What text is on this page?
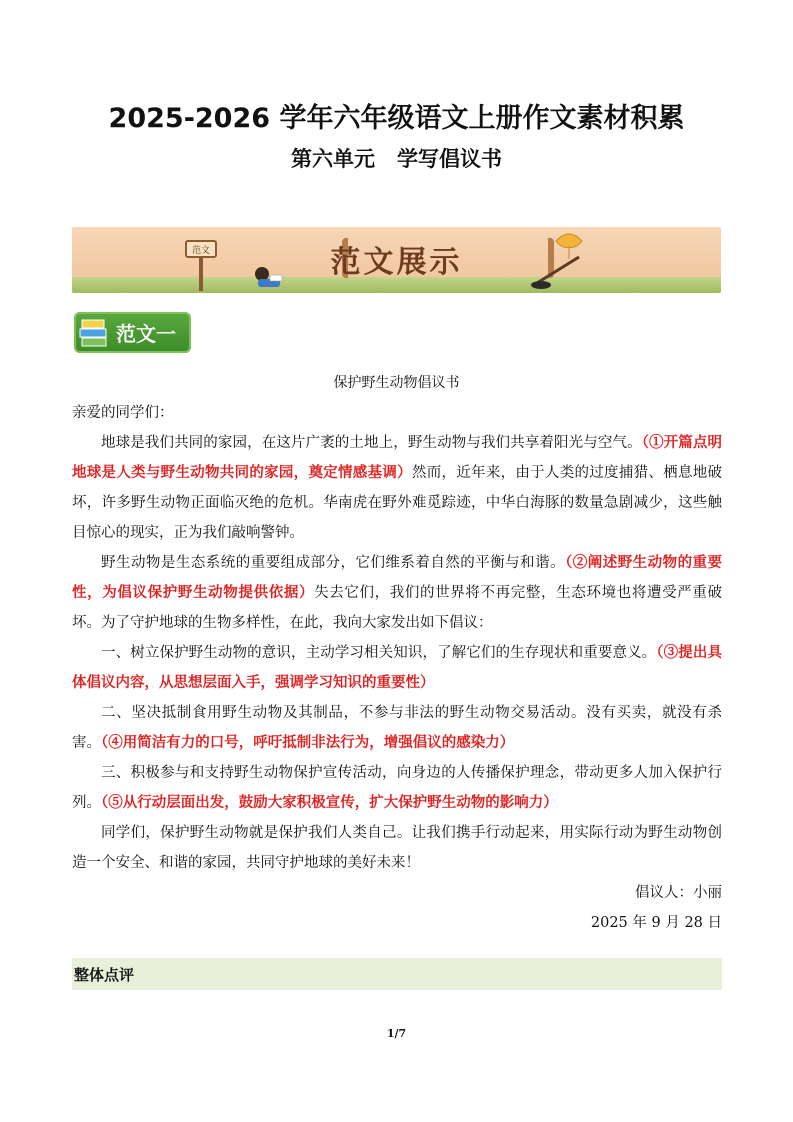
2025-2026 学年六年级语文上册作文素材积累
第六单元 学写倡议书
范文	范文展示
范文一
保护野生动物倡议书

亲爱的同学们：

地球是我们共同的家园，在这片广袤的土地上，野生动物与我们共享着阳光与空气。（①开篇点明地球是人类与野生动物共同的家园，奠定情感基调）然而，近年来，由于人类的过度捕猎、栖息地破坏，许多野生动物正面临灭绝的危机。华南虎在野外难觅踪迹，中华白海豚的数量急剧减少，这些触目惊心的现实，正为我们敲响警钟。

野生动物是生态系统的重要组成部分，它们维系着自然的平衡与和谐。（②阐述野生动物的重要性，为倡议保护野生动物提供依据）失去它们，我们的世界将不再完整，生态环境也将遭受严重破坏。为了守护地球的生物多样性，在此，我向大家发出如下倡议：

一、树立保护野生动物的意识，主动学习相关知识，了解它们的生存现状和重要意义。（③提出具体倡议内容，从思想层面入手，强调学习知识的重要性）

二、坚决抵制食用野生动物及其制品，不参与非法的野生动物交易活动。没有买卖，就没有杀害。（④用简洁有力的口号，呼吁抵制非法行为，增强倡议的感染力）

三、积极参与和支持野生动物保护宣传活动，向身边的人传播保护理念，带动更多人加入保护行列。（⑤从行动层面出发，鼓励大家积极宣传，扩大保护野生动物的影响力）

同学们，保护野生动物就是保护我们人类自己。让我们携手行动起来，用实际行动为野生动物创造一个安全、和谐的家园，共同守护地球的美好未来！

倡议人：小丽

2025 年 9 月 28 日

整体点评
1/7
